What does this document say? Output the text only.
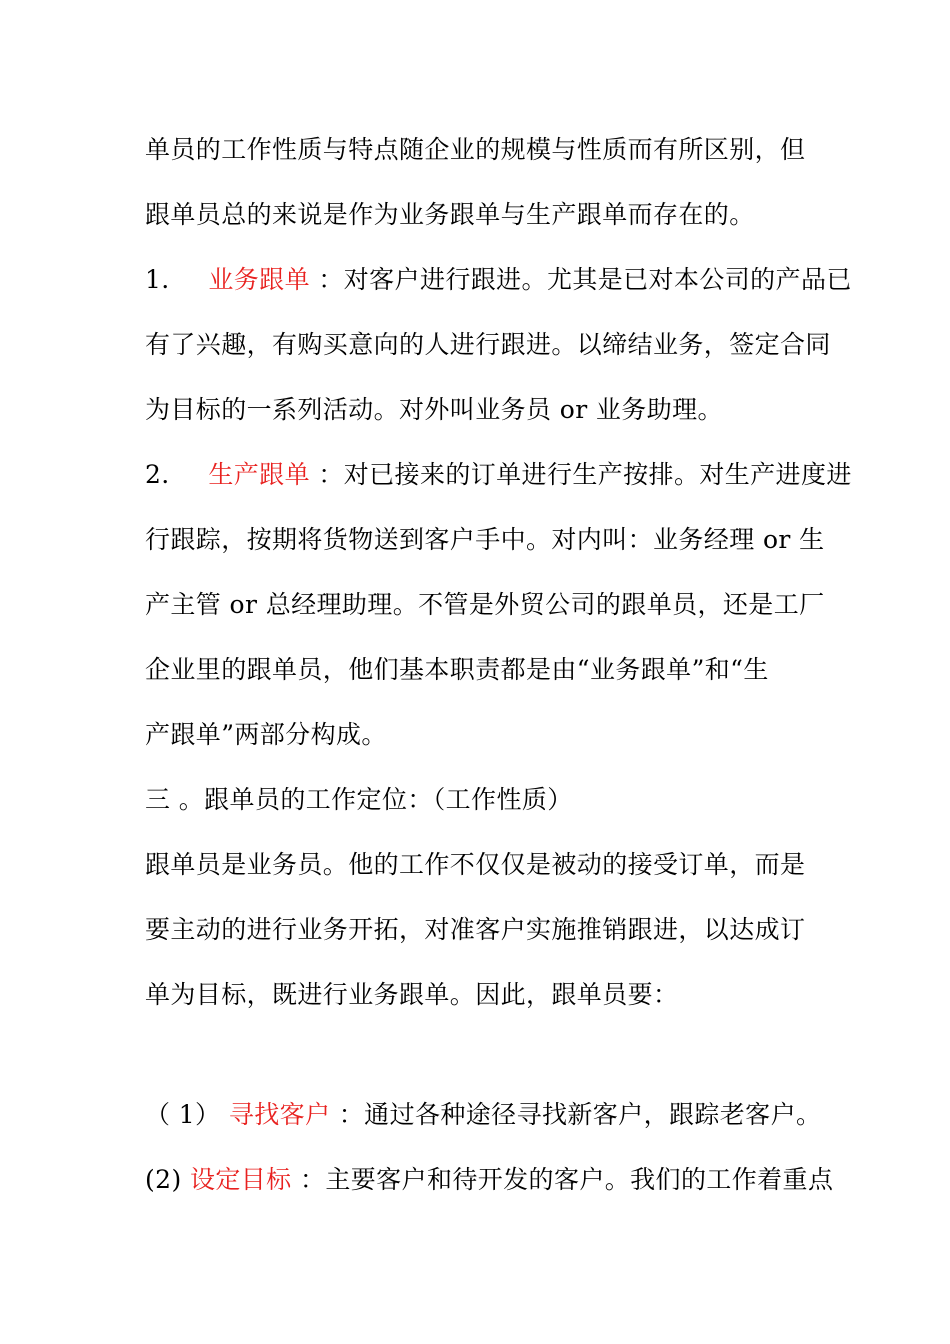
单员的工作性质与特点随企业的规模与性质而有所区别，但
跟单员总的来说是作为业务跟单与生产跟单而存在的。
1. 业务跟单 ：对客户进行跟进。尤其是已对本公司的产品已
有了兴趣，有购买意向的人进行跟进。以缔结业务，签定合同
为目标的一系列活动。对外叫业务员 or 业务助理。
2. 生产跟单 ：对已接来的订单进行生产按排。对生产进度进
行跟踪，按期将货物送到客户手中。对内叫：业务经理 or 生
产主管 or 总经理助理。不管是外贸公司的跟单员，还是工厂
企业里的跟单员，他们基本职责都是由“业务跟单”和“生
产跟单”两部分构成。
三 。跟单员的工作定位：（工作性质）
跟单员是业务员。他的工作不仅仅是被动的接受订单，而是
要主动的进行业务开拓，对准客户实施推销跟进，以达成订
单为目标，既进行业务跟单。因此，跟单员要：
（ 1） 寻找客户 ：通过各种途径寻找新客户，跟踪老客户。
(2) 设定目标 ：主要客户和待开发的客户。我们的工作着重点
